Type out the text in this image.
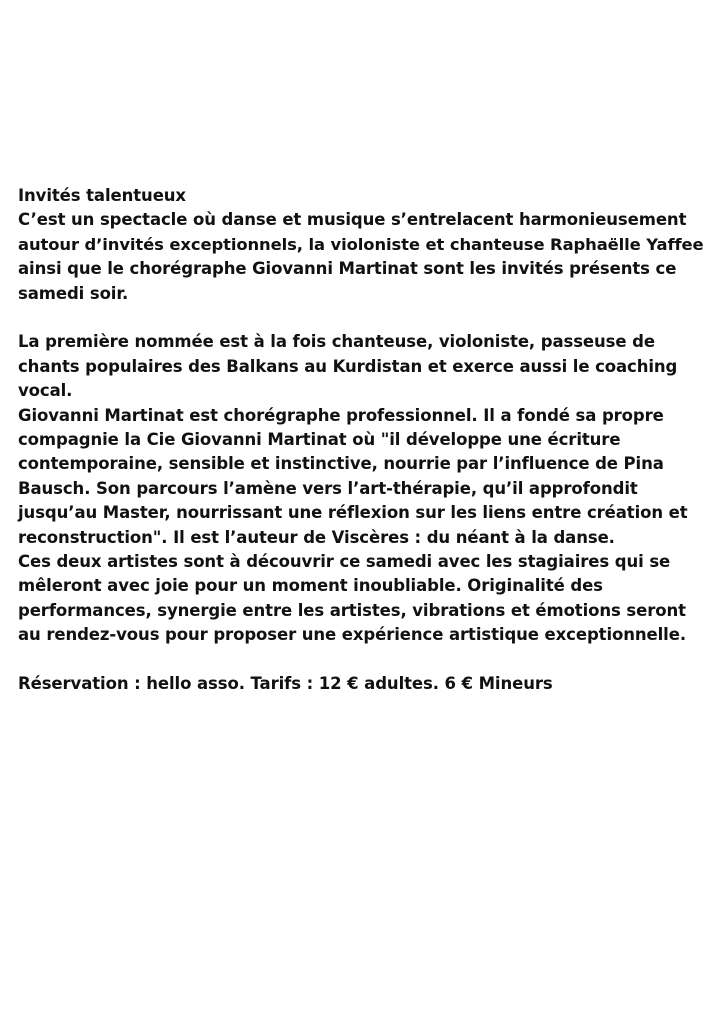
Invités talentueux
C’est un spectacle où danse et musique s’entrelacent harmonieusement
autour d’invités exceptionnels, la violoniste et chanteuse Raphaëlle Yaffee
ainsi que le chorégraphe Giovanni Martinat sont les invités présents ce
samedi soir.
La première nommée est à la fois chanteuse, violoniste, passeuse de
chants populaires des Balkans au Kurdistan et exerce aussi le coaching
vocal.
Giovanni Martinat est chorégraphe professionnel. Il a fondé sa propre
compagnie la Cie Giovanni Martinat où "il développe une écriture
contemporaine, sensible et instinctive, nourrie par l’influence de Pina
Bausch. Son parcours l’amène vers l’art-thérapie, qu’il approfondit
jusqu’au Master, nourrissant une réflexion sur les liens entre création et
reconstruction". Il est l’auteur de Viscères : du néant à la danse.
Ces deux artistes sont à découvrir ce samedi avec les stagiaires qui se
mêleront avec joie pour un moment inoubliable. Originalité des
performances, synergie entre les artistes, vibrations et émotions seront
au rendez-vous pour proposer une expérience artistique exceptionnelle.
Réservation : hello asso. Tarifs : 12 € adultes. 6 € Mineurs
